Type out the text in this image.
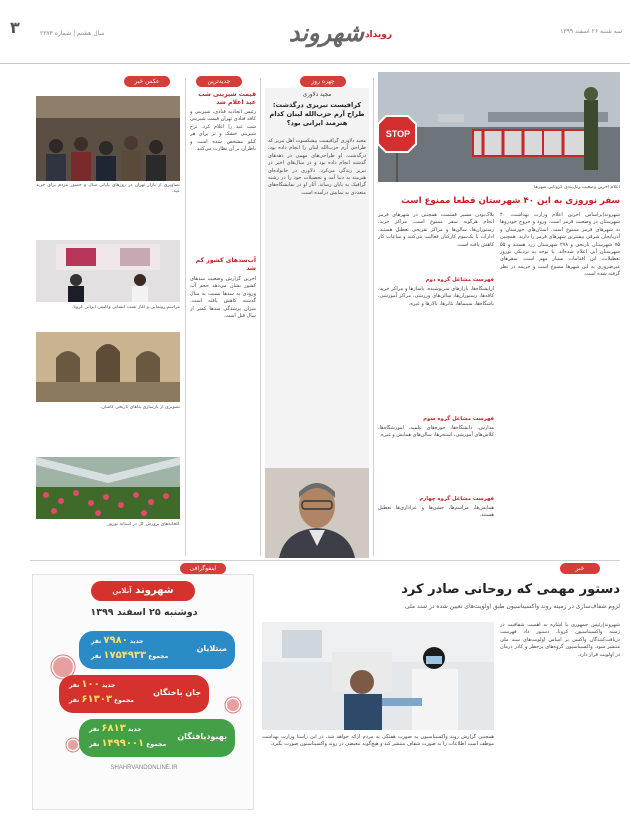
۳	سال هشتم | شماره ۲۳۷۳	شهروند رویداد	سه شنبه ۲۶ اسفند ۱۳۹۹
چهره روز
جدیدترین
عکس خبر
STOP
اعلام آخرین وضعیت رنگ‌بندی کرونایی شهرها
سفر نوروزی به این ۴۰ شهرستان قطعا ممنوع است
شهروند|براساس آخرین اعلام وزارت بهداشت، ۴۰ شهرستان در وضعیت قرمز است. ورود و خروج خودروها به شهرهای قرمز ممنوع است. استان‌های خوزستان و آذربایجان شرقی بیشترین شهرهای قرمز را دارند. همچنین ۷۵ شهرستان نارنجی و ۲۷۸ شهرستان زرد هستند و ۵۵ شهرستان آبی اعلام شده‌اند. با توجه به نزدیکی نوروز تعطیلات، این اقدامات بسیار مهم است. سفرهای غیرضروری به این شهرها ممنوع است و جریمه در نظر گرفته شده است.
بلاک‌بودن مسیر قسمت، همچنین در شهرهای قرمز انجام هرگونه سفر ممنوع است. مراکز خرید، رستوران‌ها، سالن‌ها و مراکز تفریحی تعطیل هستند. ادارات با یک‌سوم کارکنان فعالیت می‌کنند و ساعات کار کاهش یافته است.
فهرست مشاغل گروه دوم
آرایشگاه‌ها، بازارهای سرپوشیده، پاساژها و مراکز خرید، کافه‌ها، رستوران‌ها، سالن‌های ورزشی، مراکز آموزشی، باشگاه‌ها، سینماها، تئاترها، تالارها و غیره.
فهرست مشاغل گروه سوم
مدارس، دانشگاه‌ها، حوزه‌های علمیه، آموزشگاه‌ها، کلاس‌های آموزشی، استخرها، سالن‌های همایش و غیره.
فهرست مشاغل گروه چهارم
همایش‌ها، مراسم‌ها، جشن‌ها و عزاداری‌ها تعطیل هستند.
مجید دلاوری
کرافیست تبریزی درگذشت: طراح آرم حزب‌الله لبنان کدام هنرمند ایرانی بود؟
مجید دلاوری گرافیست پیشکسوت اهل تبریز که طراحی آرم حزب‌الله لبنان را انجام داده بود، درگذشت. او طراحی‌های مهمی در دهه‌های گذشته انجام داده بود و در سال‌های اخیر در تبریز زندگی می‌کرد. دلاوری در خانواده‌ای هنرمند به دنیا آمد و تحصیلات خود را در رشته گرافیک به پایان رساند. آثار او در نمایشگاه‌های متعددی به نمایش درآمده است.
قیمت شیرینی شب عید اعلام شد
رئیس اتحادیه قنادی، شیرینی و کافه قنادی تهران قیمت شیرینی شب عید را اعلام کرد. نرخ شیرینی خشک و تر برای هر کیلو مشخص شده است و ناظران بر آن نظارت می‌کنند.
آب‌سدهای کشور کم شد
آخرین گزارش وضعیت سدهای کشور نشان می‌دهد حجم آب ورودی به سدها نسبت به سال گذشته کاهش یافته است. میزان پرشدگی سدها کمتر از سال قبل است.
تصاویری از بازار تهران در روزهای پایانی سال و حضور مردم برای خرید عید.
مراسم رونمایی و آغاز تست انسانی واکسن ایرانی کرونا.
تصویری از بازسازی بناهای تاریخی کاشان.
گلخانه‌های پرورش گل در آستانه نوروز.
خبر
اینفوگرافی
دستور مهمی که روحانی صادر کرد
لزوم شفاف‌سازی در زمینه روند واکسیناسیون طبق اولویت‌های تعیین شده در سند ملی
شهروند|رئیس جمهوری با اشاره به اهمیت شفافیت در زمینه واکسیناسیون کرونا، دستور داد فهرست دریافت‌کنندگان واکسن بر اساس اولویت‌های سند ملی منتشر شود. واکسیناسیون گروه‌های پرخطر و کادر درمان در اولویت قرار دارد.
همچنین گزارش روند واکسیناسیون به صورت هفتگی به مردم ارائه خواهد شد. در این راستا وزارت بهداشت موظف است اطلاعات را به صورت شفاف منتشر کند و هیچ‌گونه تبعیضی در روند واکسیناسیون صورت نگیرد.
شهروند آنلاین
دوشنبه ۲۵ اسفند ۱۳۹۹
مبتلایان
جدید ۷۹۸۰ نفر
مجموع ۱۷۵۴۹۳۳ نفر
جان باختگان
جدید ۱۰۰ نفر
مجموع ۶۱۳۰۳ نفر
بهبودیافتگان
جدید ۶۸۱۳ نفر
مجموع ۱۴۹۹۰۰۱ نفر
SHAHRVANDONLINE.IR
